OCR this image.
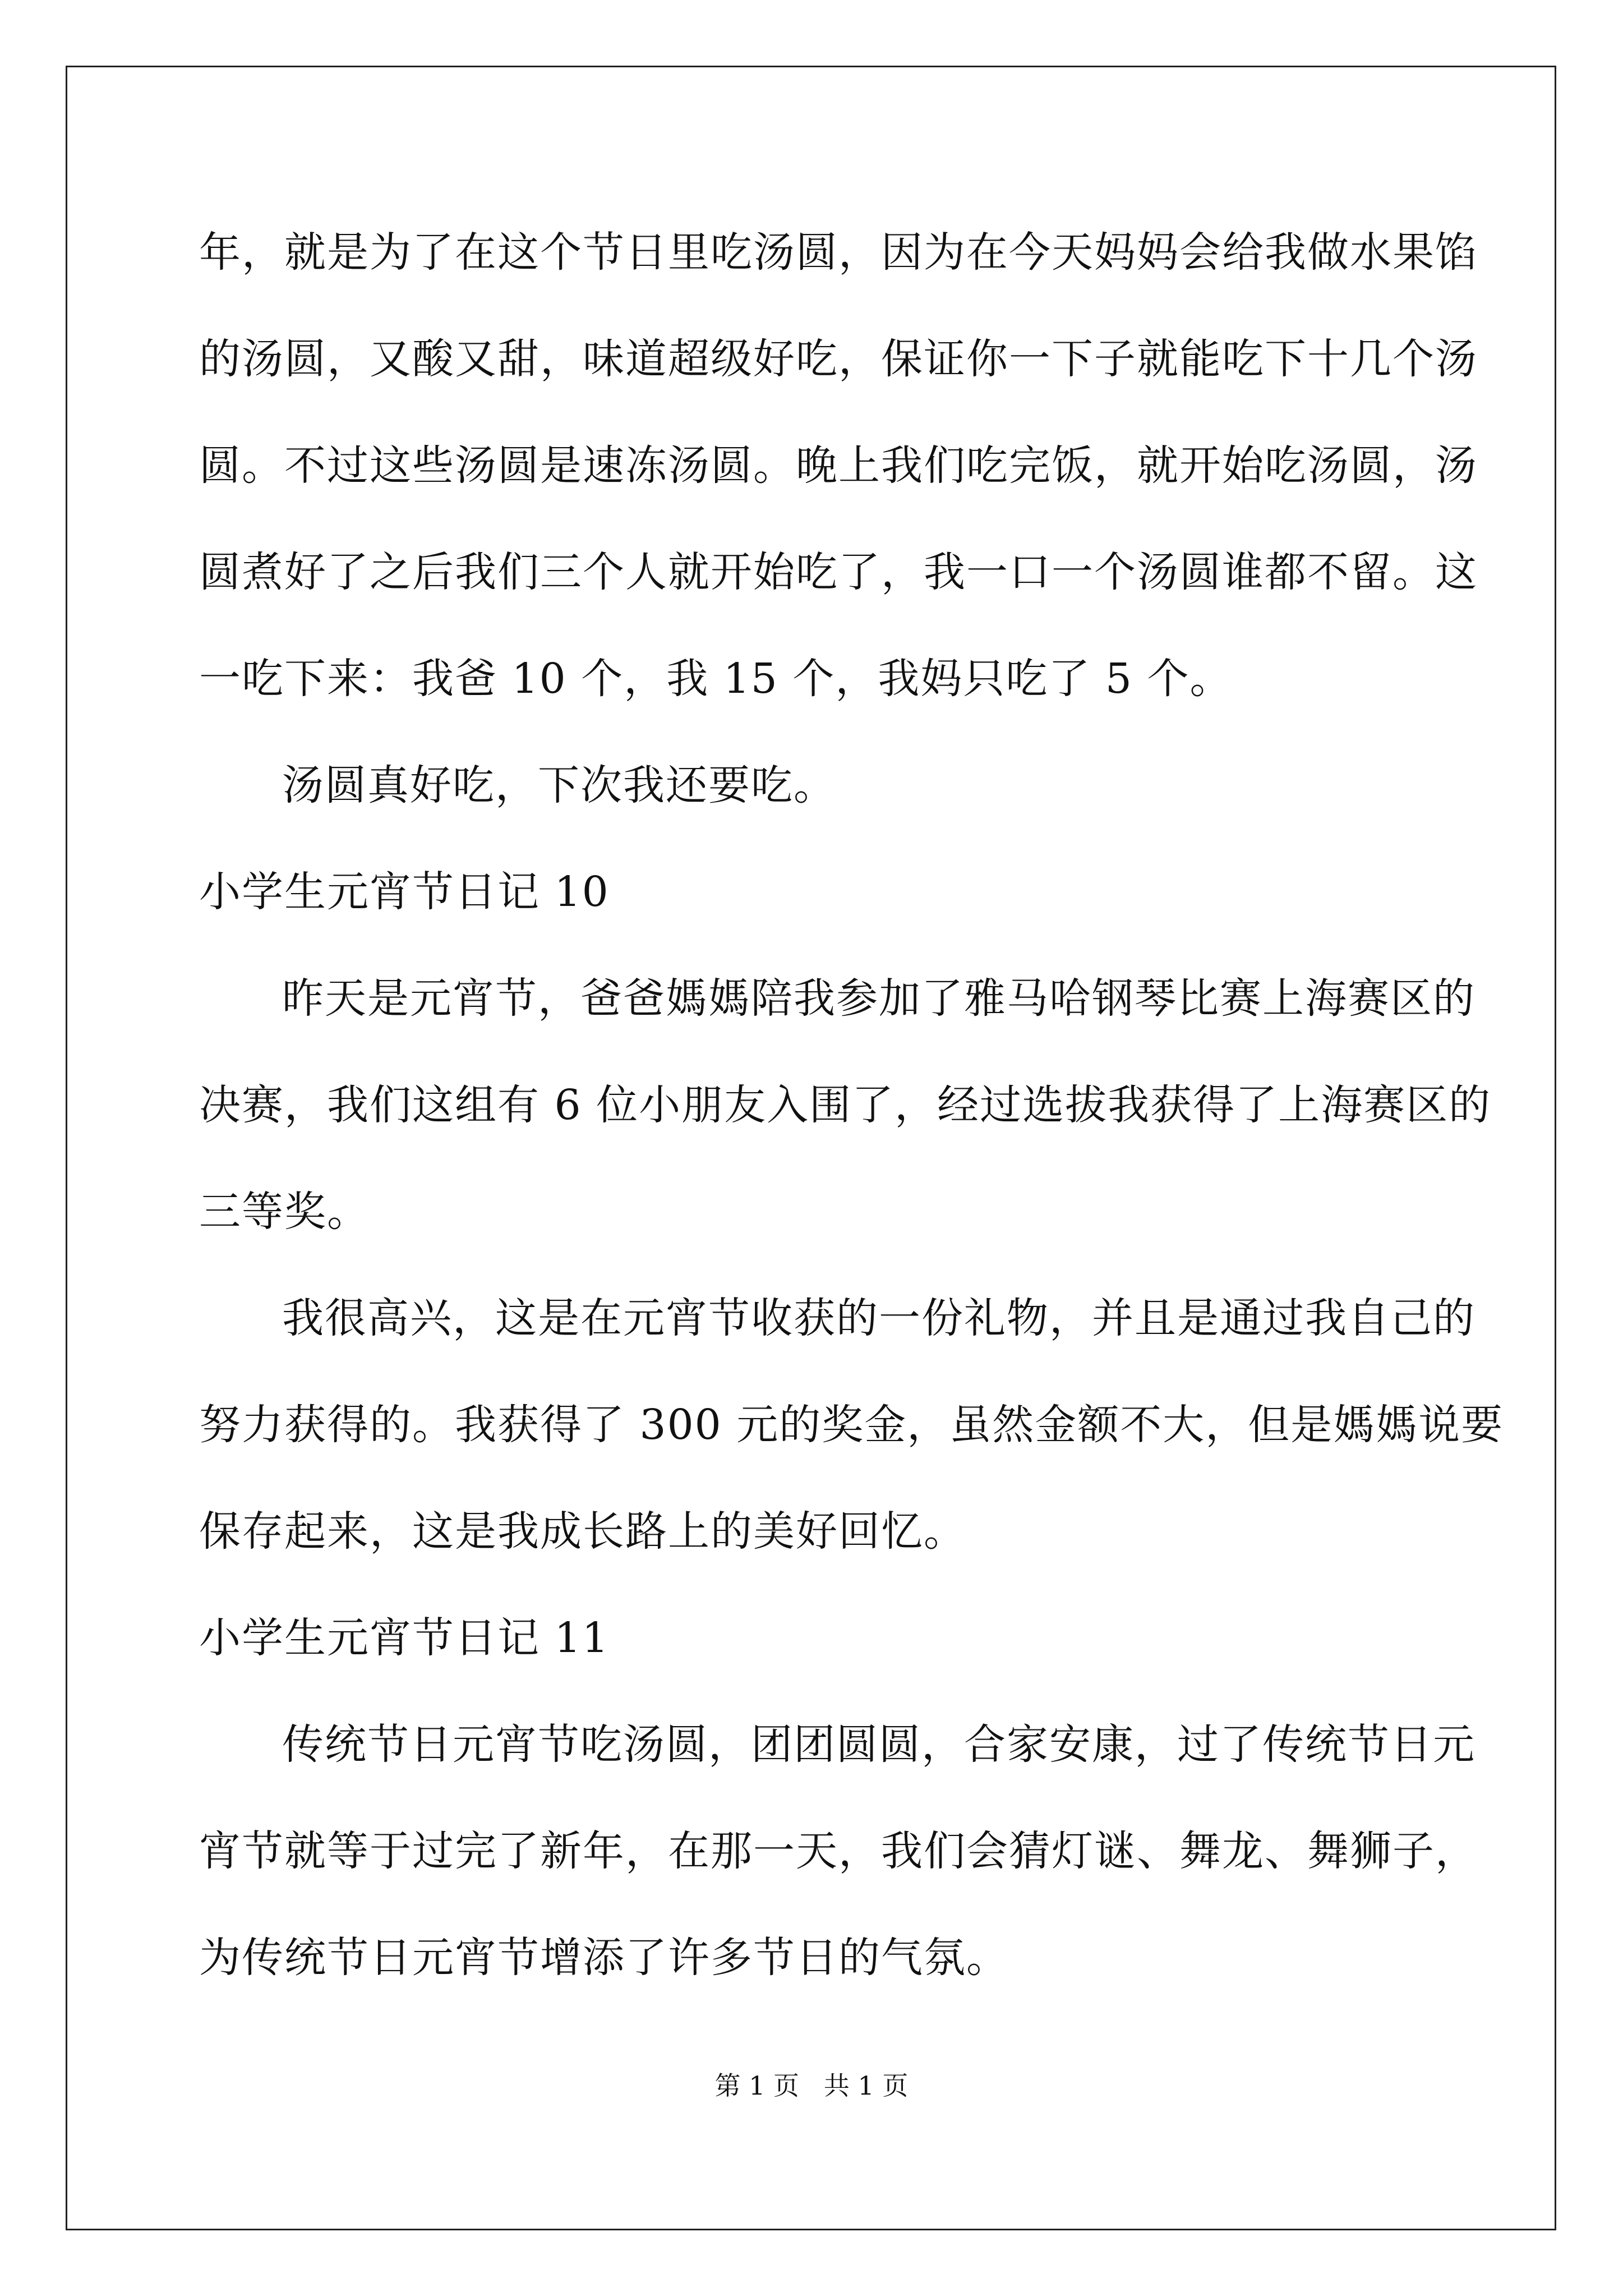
年，就是为了在这个节日里吃汤圆，因为在今天妈妈会给我做水果馅
的汤圆，又酸又甜，味道超级好吃，保证你一下子就能吃下十几个汤
圆。不过这些汤圆是速冻汤圆。晚上我们吃完饭，就开始吃汤圆，汤
圆煮好了之后我们三个人就开始吃了，我一口一个汤圆谁都不留。这
一吃下来：我爸 10 个，我 15 个，我妈只吃了 5 个。
汤圆真好吃，下次我还要吃。
小学生元宵节日记 10
昨天是元宵节，爸爸媽媽陪我参加了雅马哈钢琴比赛上海赛区的
决赛，我们这组有 6 位小朋友入围了，经过选拔我获得了上海赛区的
三等奖。
我很高兴，这是在元宵节收获的一份礼物，并且是通过我自己的
努力获得的。我获得了 300 元的奖金，虽然金额不大，但是媽媽说要
保存起来，这是我成长路上的美好回忆。
小学生元宵节日记 11
传统节日元宵节吃汤圆，团团圆圆，合家安康，过了传统节日元
宵节就等于过完了新年，在那一天，我们会猜灯谜、舞龙、舞狮子，
为传统节日元宵节增添了许多节日的气氛。
第 1 页   共 1 页
